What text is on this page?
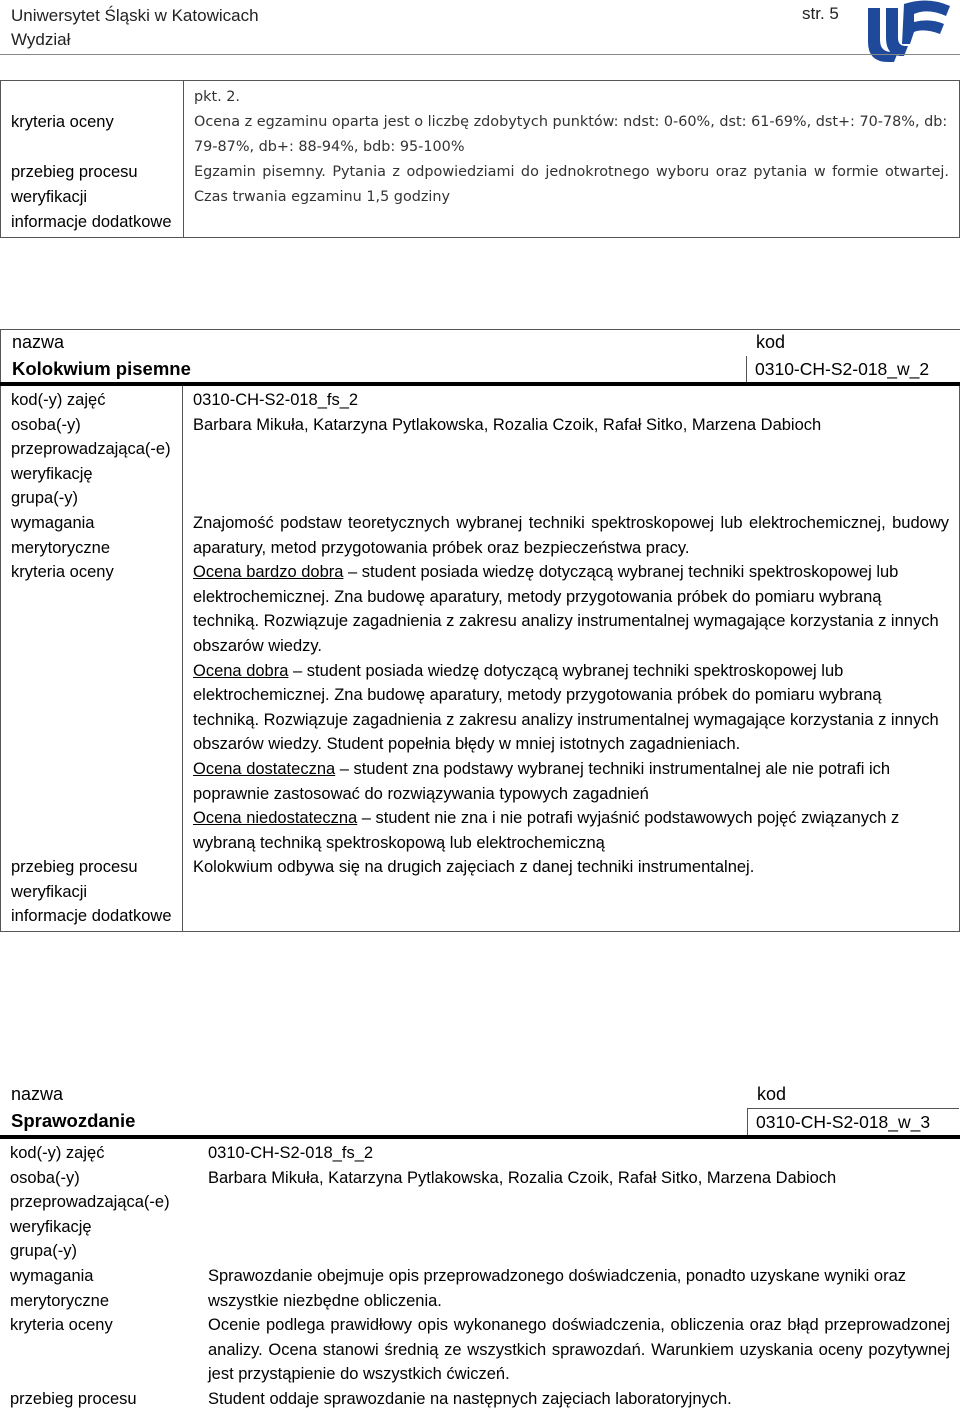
Uniwersytet Śląski w Katowicach
Wydział
str. 5
	pkt. 2.
kryteria oceny	Ocena z egzaminu oparta jest o liczbę zdobytych punktów: ndst: 0-60%, dst: 61-69%, dst+: 70-78%, db: 79-87%, db+: 88-94%, bdb: 95-100%
przebieg procesu weryfikacji	Egzamin pisemny. Pytania z odpowiedziami do jednokrotnego wyboru oraz pytania w formie otwartej. Czas trwania egzaminu 1,5 godziny
informacje dodatkowe	
nazwa	kod
Kolokwium pisemne	0310-CH-S2-018_w_2
kod(-y) zajęć	0310-CH-S2-018_fs_2
osoba(-y) przeprowadzająca(-e) weryfikację	Barbara Mikuła, Katarzyna Pytlakowska, Rozalia Czoik, Rafał Sitko, Marzena Dabioch
grupa(-y)	
wymagania merytoryczne	Znajomość podstaw teoretycznych wybranej techniki spektroskopowej lub elektrochemicznej, budowy aparatury, metod przygotowania próbek oraz bezpieczeństwa pracy.
kryteria oceny	Ocena bardzo dobra – student posiada wiedzę dotyczącą wybranej techniki spektroskopowej lub elektrochemicznej. Zna budowę aparatury, metody przygotowania próbek do pomiaru wybraną techniką. Rozwiązuje zagadnienia z zakresu analizy instrumentalnej wymagające korzystania z innych obszarów wiedzy.

Ocena dobra – student posiada wiedzę dotyczącą wybranej techniki spektroskopowej lub elektrochemicznej. Zna budowę aparatury, metody przygotowania próbek do pomiaru wybraną techniką. Rozwiązuje zagadnienia z zakresu analizy instrumentalnej wymagające korzystania z innych obszarów wiedzy. Student popełnia błędy w mniej istotnych zagadnieniach.

Ocena dostateczna – student zna podstawy wybranej techniki instrumentalnej ale nie potrafi ich poprawnie zastosować do rozwiązywania typowych zagadnień

Ocena niedostateczna – student nie zna i nie potrafi wyjaśnić podstawowych pojęć związanych z wybraną techniką spektroskopową lub elektrochemiczną

przebieg procesu weryfikacji	Kolokwium odbywa się na drugich zajęciach z danej techniki instrumentalnej.
informacje dodatkowe	
nazwa	kod
Sprawozdanie	0310-CH-S2-018_w_3
kod(-y) zajęć	0310-CH-S2-018_fs_2
osoba(-y) przeprowadzająca(-e) weryfikację	Barbara Mikuła, Katarzyna Pytlakowska, Rozalia Czoik, Rafał Sitko, Marzena Dabioch
grupa(-y)	
wymagania merytoryczne	Sprawozdanie obejmuje opis przeprowadzonego doświadczenia, ponadto uzyskane wyniki oraz wszystkie niezbędne obliczenia.
kryteria oceny	Ocenie podlega prawidłowy opis wykonanego doświadczenia, obliczenia oraz błąd przeprowadzonej analizy. Ocena stanowi średnią ze wszystkich sprawozdań. Warunkiem uzyskania oceny pozytywnej jest przystąpienie do wszystkich ćwiczeń.
przebieg procesu	Student oddaje sprawozdanie na następnych zajęciach laboratoryjnych.
